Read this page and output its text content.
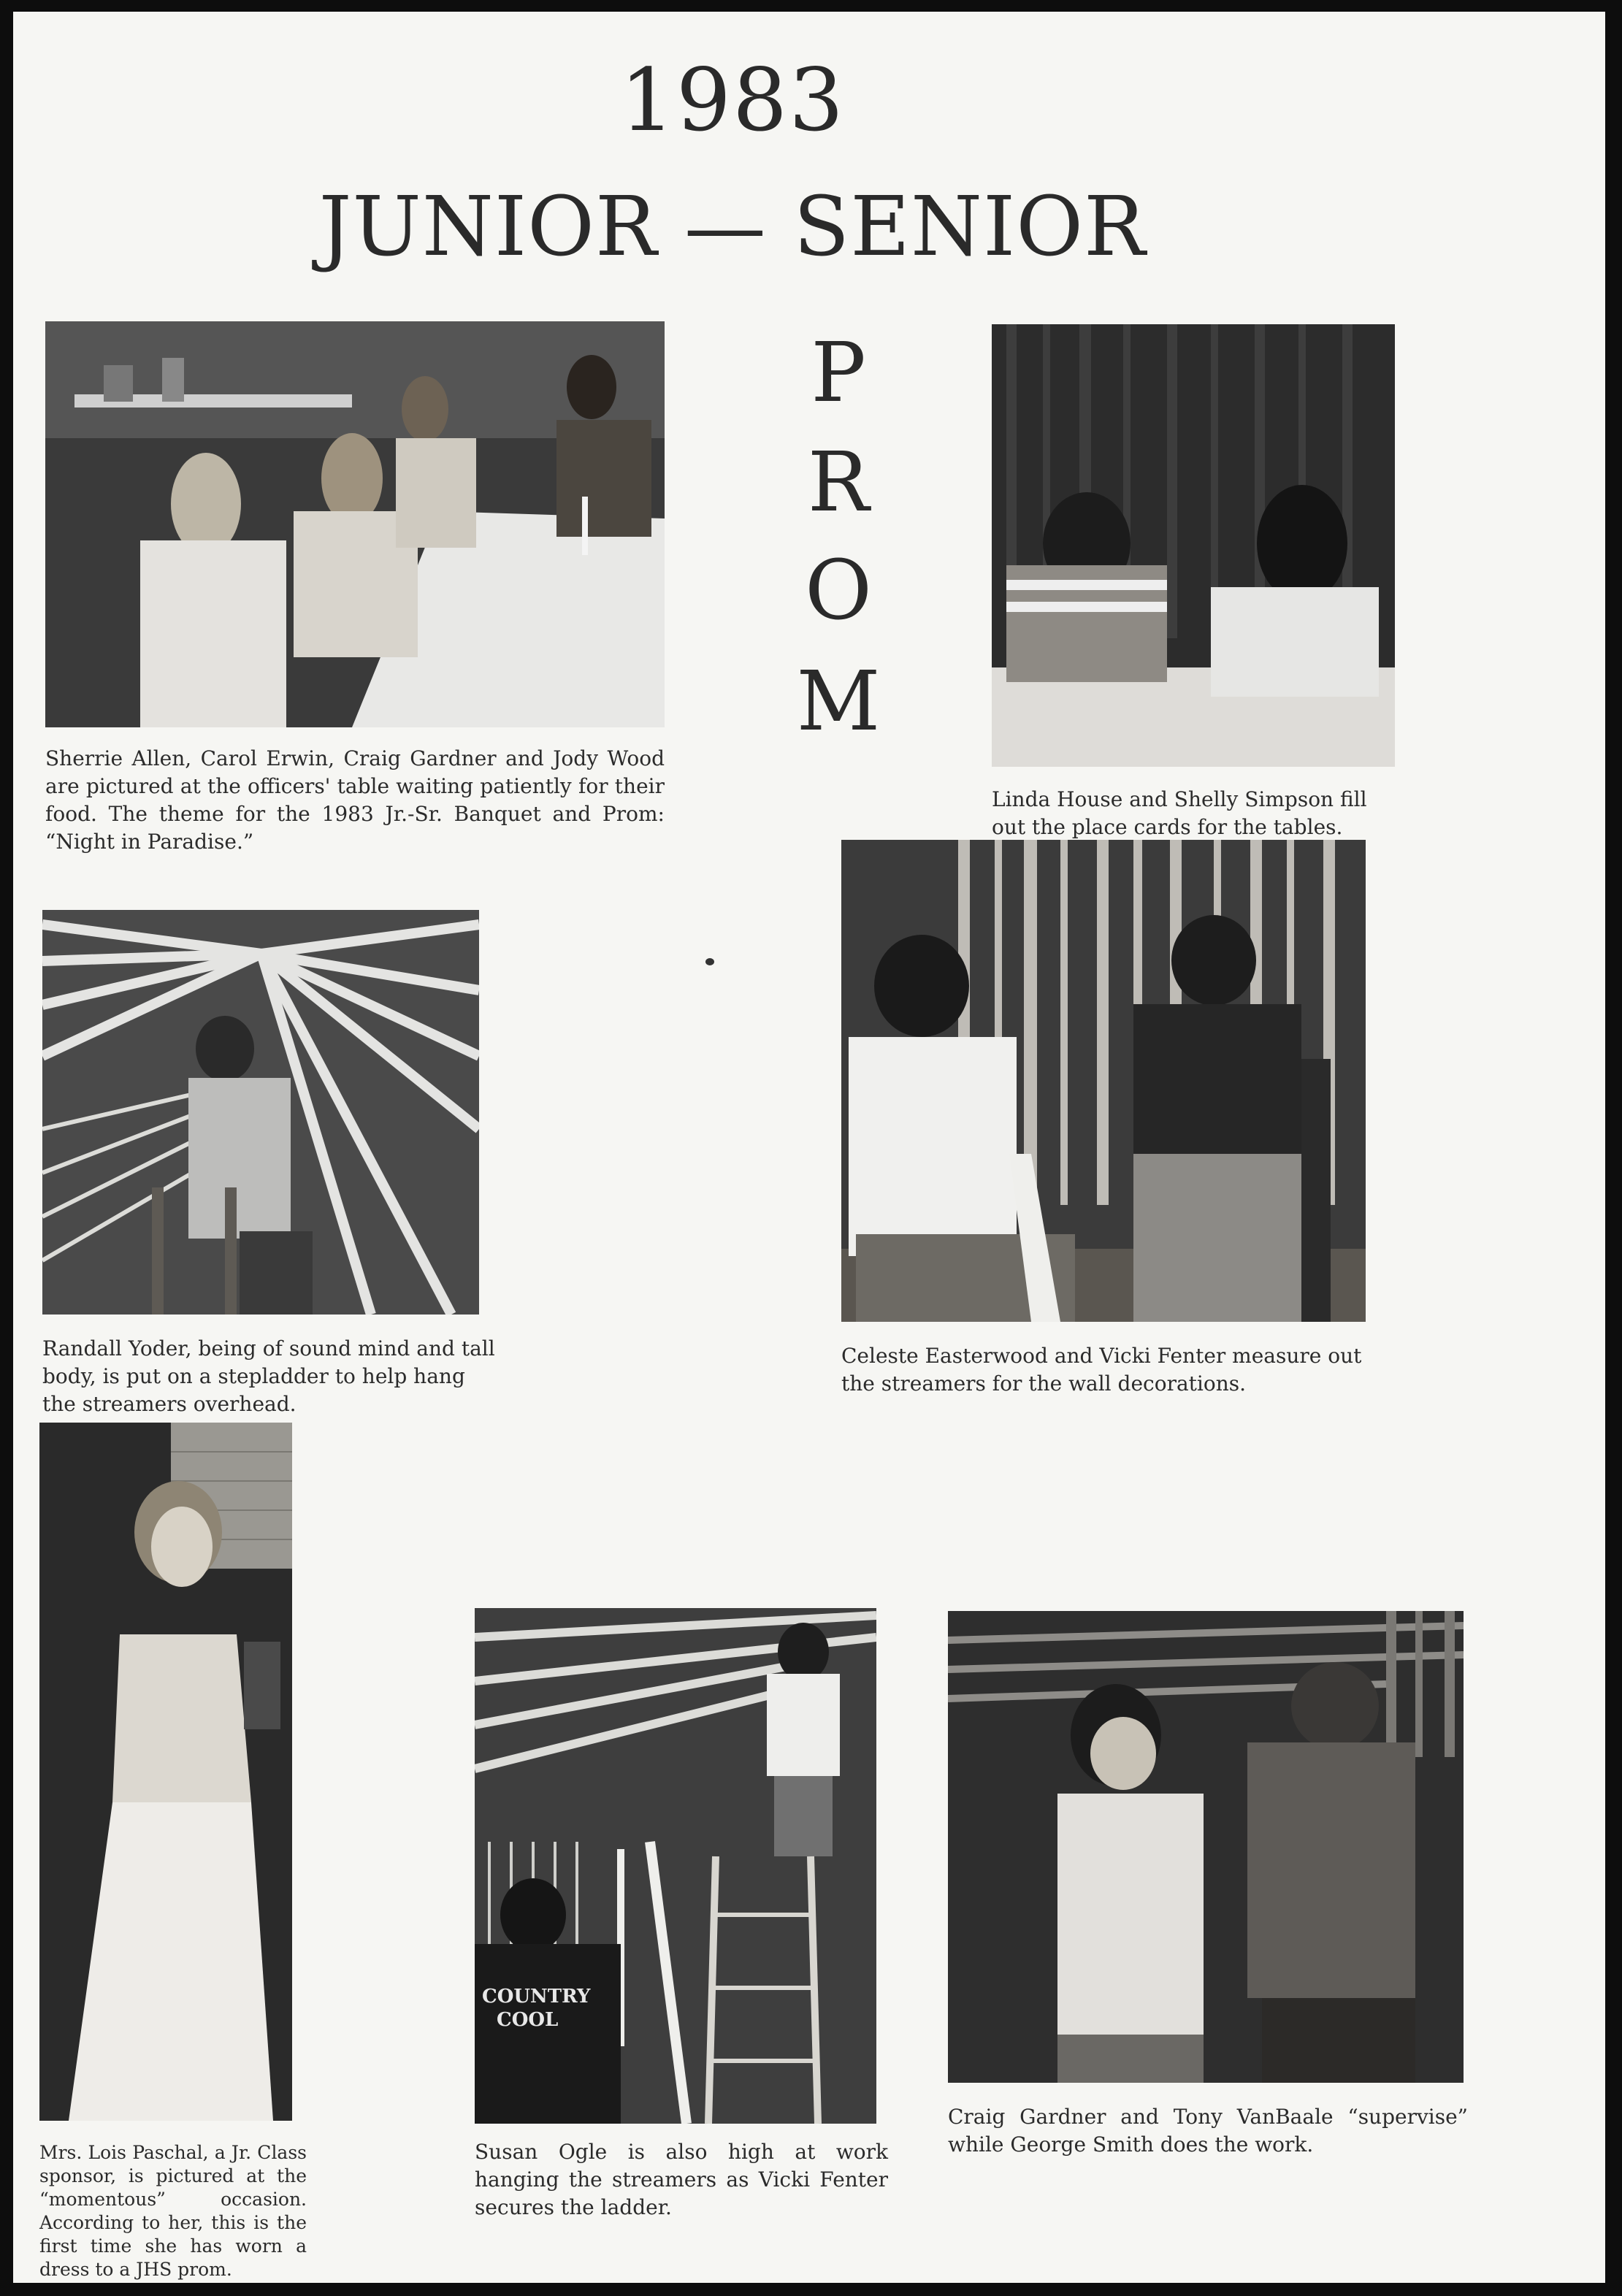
1983
JUNIOR — SENIOR
P
R
O
M
Sherrie Allen, Carol Erwin, Craig Gardner and Jody Wood are pictured at the officers' table waiting patiently for their food. The theme for the 1983 Jr.-Sr. Banquet and Prom: “Night in Paradise.”
Linda House and Shelly Simpson fill out the place cards for the tables.
Randall Yoder, being of sound mind and tall body, is put on a stepladder to help hang the streamers overhead.
Celeste Easterwood and Vicki Fenter measure out the streamers for the wall decorations.
Mrs. Lois Paschal, a Jr. Class sponsor, is pictured at the “momentous” occasion. According to her, this is the first time she has worn a dress to a JHS prom.
COUNTRY
COOL
Susan Ogle is also high at work hanging the streamers as Vicki Fenter secures the ladder.
Craig Gardner and Tony VanBaale “supervise” while George Smith does the work.
